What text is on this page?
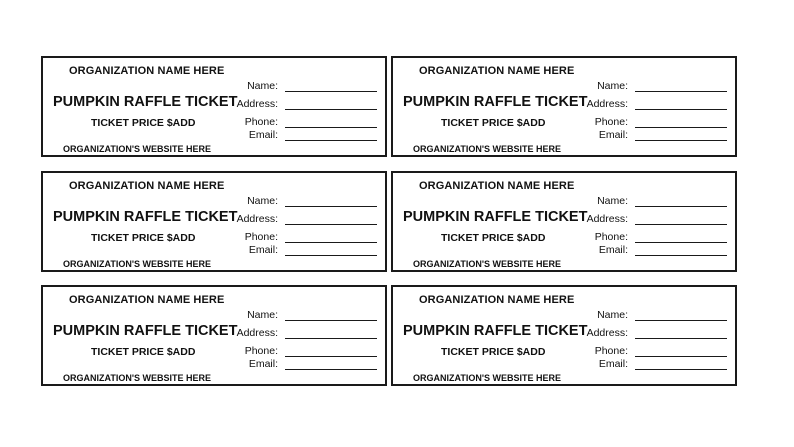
ORGANIZATION NAME HERE
PUMPKIN RAFFLE TICKET
TICKET PRICE $ADD
ORGANIZATION'S WEBSITE HERE
Name:
Address:
Phone:
Email:
ORGANIZATION NAME HERE
PUMPKIN RAFFLE TICKET
TICKET PRICE $ADD
ORGANIZATION'S WEBSITE HERE
Name:
Address:
Phone:
Email:
ORGANIZATION NAME HERE
PUMPKIN RAFFLE TICKET
TICKET PRICE $ADD
ORGANIZATION'S WEBSITE HERE
Name:
Address:
Phone:
Email:
ORGANIZATION NAME HERE
PUMPKIN RAFFLE TICKET
TICKET PRICE $ADD
ORGANIZATION'S WEBSITE HERE
Name:
Address:
Phone:
Email:
ORGANIZATION NAME HERE
PUMPKIN RAFFLE TICKET
TICKET PRICE $ADD
ORGANIZATION'S WEBSITE HERE
Name:
Address:
Phone:
Email:
ORGANIZATION NAME HERE
PUMPKIN RAFFLE TICKET
TICKET PRICE $ADD
ORGANIZATION'S WEBSITE HERE
Name:
Address:
Phone:
Email:
